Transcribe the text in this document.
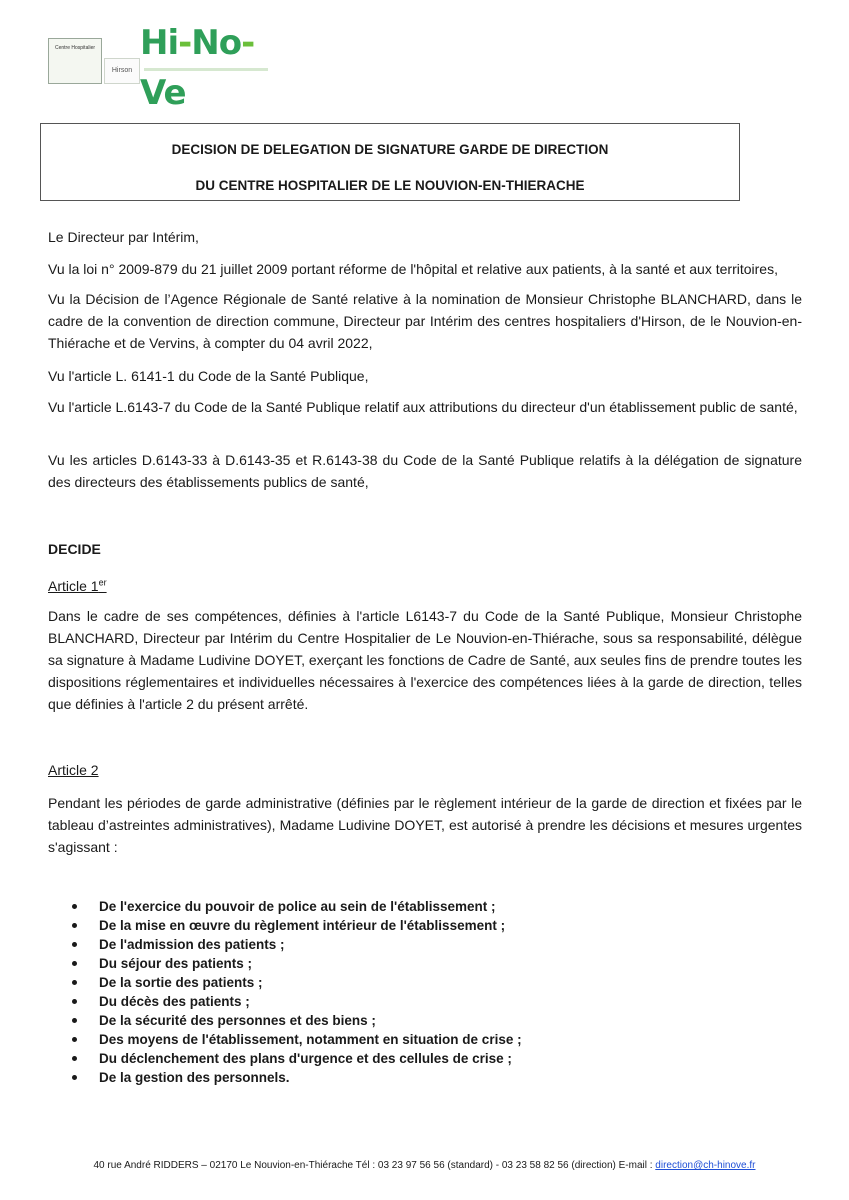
Centre Hospitalier
Hirson
Hi-No-Ve
DECISION DE DELEGATION DE SIGNATURE GARDE DE DIRECTION
DU CENTRE HOSPITALIER DE LE NOUVION-EN-THIERACHE
Le Directeur par Intérim,
Vu la loi n° 2009-879 du 21 juillet 2009 portant réforme de l'hôpital et relative aux patients, à la santé et aux territoires,
Vu la Décision de l’Agence Régionale de Santé relative à la nomination de Monsieur Christophe BLANCHARD, dans le cadre de la convention de direction commune, Directeur par Intérim des centres hospitaliers d'Hirson, de le Nouvion-en-Thiérache et de Vervins, à compter du 04 avril 2022,
Vu l'article L. 6141-1 du Code de la Santé Publique,
Vu l'article L.6143-7 du Code de la Santé Publique relatif aux attributions du directeur d'un établissement public de santé,
Vu les articles D.6143-33 à D.6143-35 et R.6143-38 du Code de la Santé Publique relatifs à la délégation de signature des directeurs des établissements publics de santé,
DECIDE
Article 1er
Dans le cadre de ses compétences, définies à l'article L6143-7 du Code de la Santé Publique, Monsieur Christophe BLANCHARD, Directeur par Intérim du Centre Hospitalier de Le Nouvion-en-Thiérache, sous sa responsabilité, délègue sa signature à Madame Ludivine DOYET, exerçant les fonctions de Cadre de Santé, aux seules fins de prendre toutes les dispositions réglementaires et individuelles nécessaires à l'exercice des compétences liées à la garde de direction, telles que définies à l'article 2 du présent arrêté.
Article 2
Pendant les périodes de garde administrative (définies par le règlement intérieur de la garde de direction et fixées par le tableau d’astreintes administratives), Madame Ludivine DOYET, est autorisé à prendre les décisions et mesures urgentes s'agissant :
De l'exercice du pouvoir de police au sein de l'établissement ;
De la mise en œuvre du règlement intérieur de l'établissement ;
De l'admission des patients ;
Du séjour des patients ;
De la sortie des patients ;
Du décès des patients ;
De la sécurité des personnes et des biens ;
Des moyens de l'établissement, notamment en situation de crise ;
Du déclenchement des plans d'urgence et des cellules de crise ;
De la gestion des personnels.
40 rue André RIDDERS – 02170 Le Nouvion-en-Thiérache Tél : 03 23 97 56 56 (standard) - 03 23 58 82 56 (direction) E-mail : direction@ch-hinove.fr
